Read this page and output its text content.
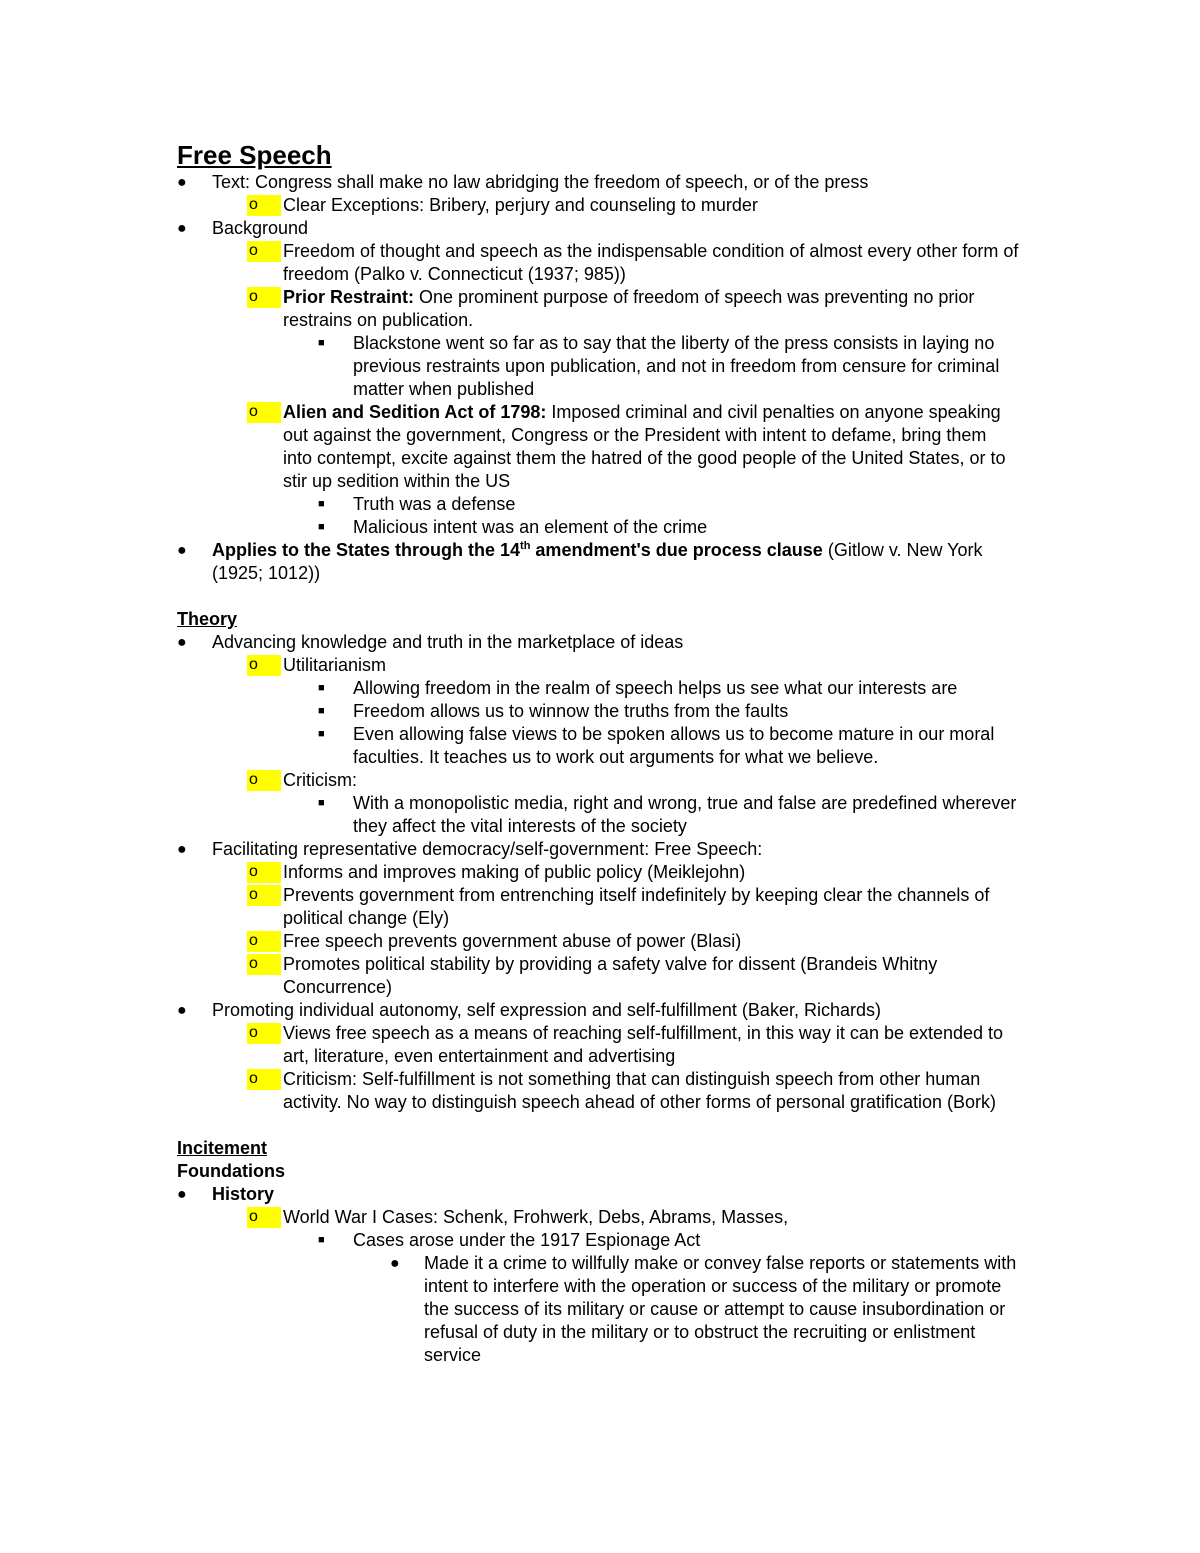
Free Speech
● Text: Congress shall make no law abridging the freedom of speech, or of the press
o	Clear Exceptions: Bribery, perjury and counseling to murder
● Background
o	Freedom of thought and speech as the indispensable condition of almost every other form of freedom (Palko v. Connecticut (1937; 985))
o	Prior Restraint: One prominent purpose of freedom of speech was preventing no prior restrains on publication.
■ Blackstone went so far as to say that the liberty of the press consists in laying no previous restraints upon publication, and not in freedom from censure for criminal matter when published
o	Alien and Sedition Act of 1798: Imposed criminal and civil penalties on anyone speaking out against the government, Congress or the President with intent to defame, bring them into contempt, excite against them the hatred of the good people of the United States, or to stir up sedition within the US
■ Truth was a defense
■ Malicious intent was an element of the crime
● Applies to the States through the 14th amendment's due process clause (Gitlow v. New York (1925; 1012))
Theory
● Advancing knowledge and truth in the marketplace of ideas
o	Utilitarianism
■ Allowing freedom in the realm of speech helps us see what our interests are
■ Freedom allows us to winnow the truths from the faults
■ Even allowing false views to be spoken allows us to become mature in our moral faculties. It teaches us to work out arguments for what we believe.
o	Criticism:
■ With a monopolistic media, right and wrong, true and false are predefined wherever they affect the vital interests of the society
● Facilitating representative democracy/self-government: Free Speech:
o	Informs and improves making of public policy (Meiklejohn)
o	Prevents government from entrenching itself indefinitely by keeping clear the channels of political change (Ely)
o	Free speech prevents government abuse of power (Blasi)
o	Promotes political stability by providing a safety valve for dissent (Brandeis Whitny Concurrence)
● Promoting individual autonomy, self expression and self-fulfillment (Baker, Richards)
o	Views free speech as a means of reaching self-fulfillment, in this way it can be extended to art, literature, even entertainment and advertising
o	Criticism: Self-fulfillment is not something that can distinguish speech from other human activity. No way to distinguish speech ahead of other forms of personal gratification (Bork)
Incitement
Foundations
● History
o	World War I Cases: Schenk, Frohwerk, Debs, Abrams, Masses,
■ Cases arose under the 1917 Espionage Act
● Made it a crime to willfully make or convey false reports or statements with intent to interfere with the operation or success of the military or promote the success of its military or cause or attempt to cause insubordination or refusal of duty in the military or to obstruct the recruiting or enlistment service
